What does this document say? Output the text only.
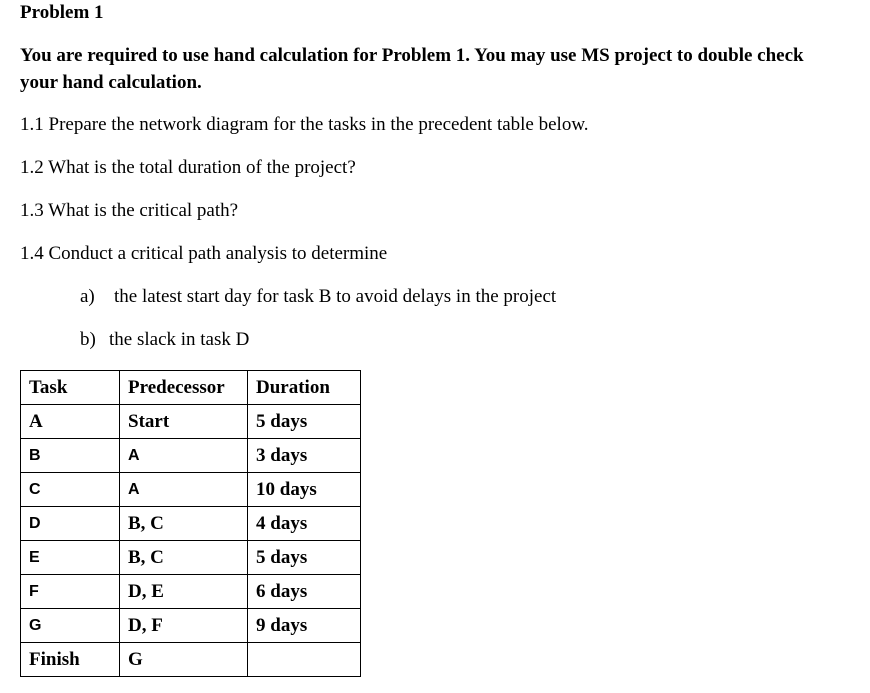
Problem 1

You are required to use hand calculation for Problem 1. You may use MS project to double check your hand calculation.

1.1 Prepare the network diagram for the tasks in the precedent table below.

1.2 What is the total duration of the project?

1.3 What is the critical path?

1.4 Conduct a critical path analysis to determine

a) the latest start day for task B to avoid delays in the project

b) the slack in task D

Task	Predecessor	Duration
A	Start	5 days
B	A	3 days
C	A	10 days
D	B, C	4 days
E	B, C	5 days
F	D, E	6 days
G	D, F	9 days
Finish	G	
